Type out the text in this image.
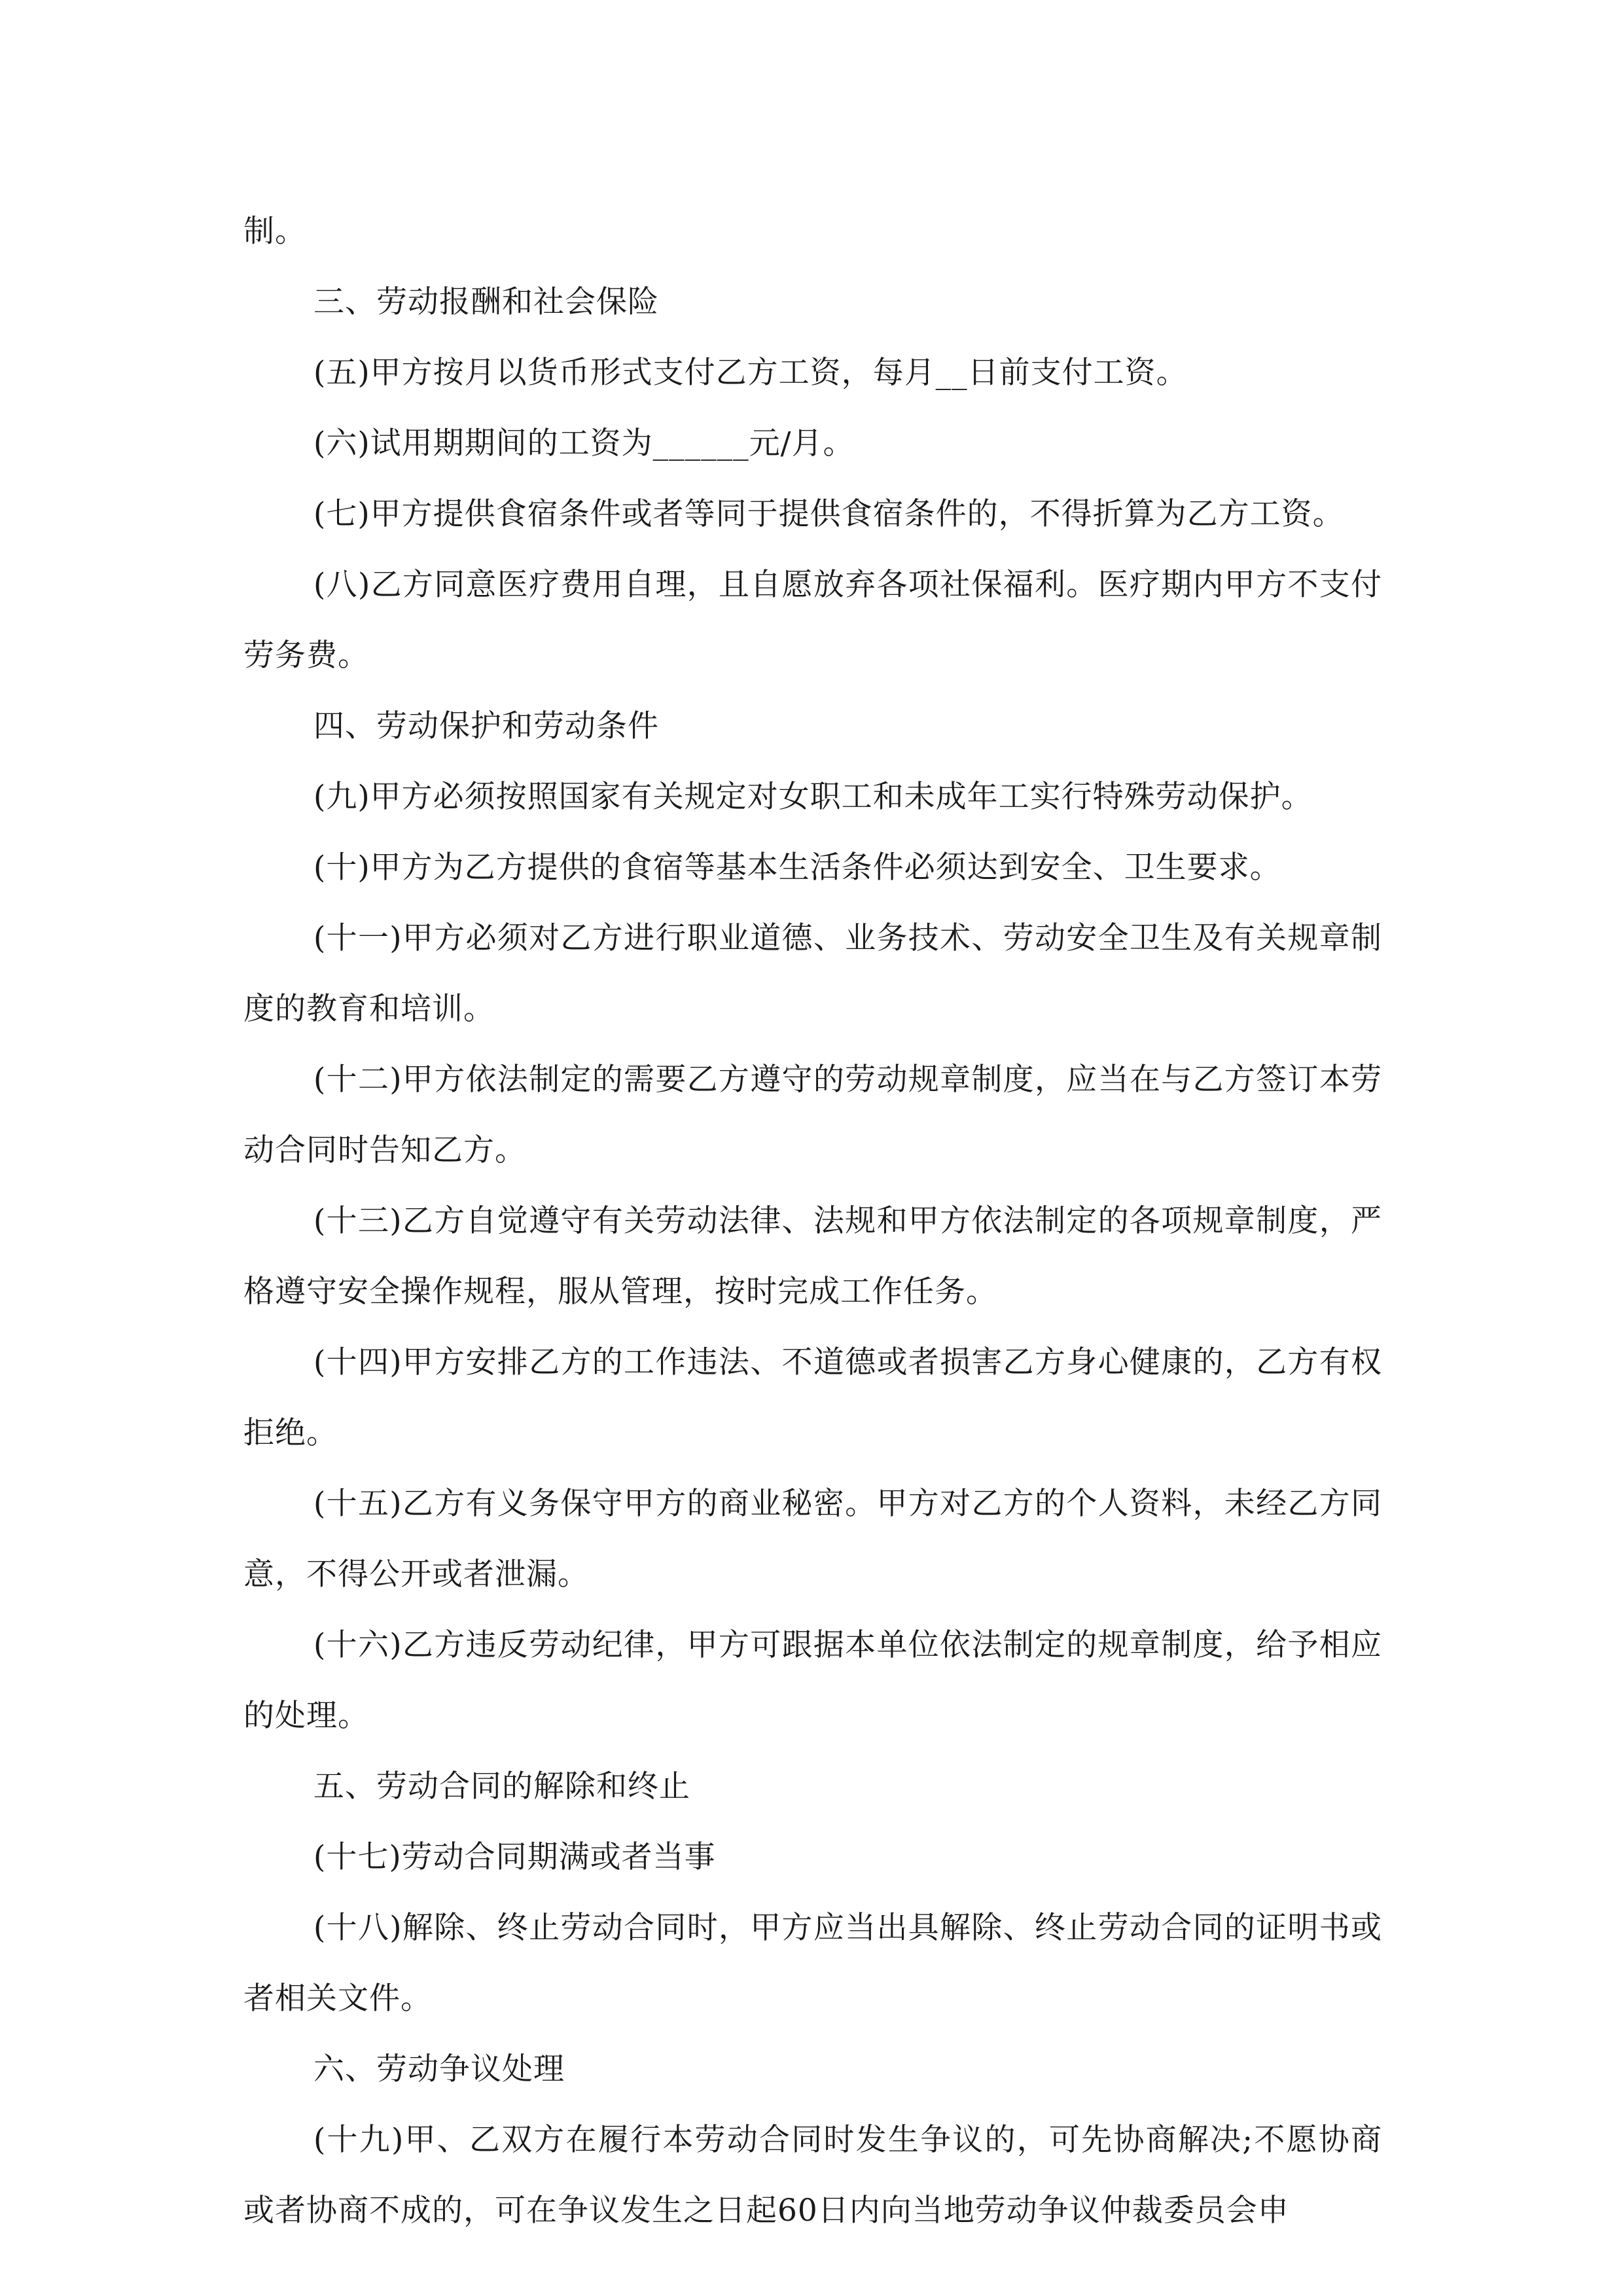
制。

三、劳动报酬和社会保险

(五)甲方按月以货币形式支付乙方工资，每月__日前支付工资。

(六)试用期期间的工资为______元/月。

(七)甲方提供食宿条件或者等同于提供食宿条件的，不得折算为乙方工资。

(八)乙方同意医疗费用自理，且自愿放弃各项社保福利。医疗期内甲方不支付劳务费。

四、劳动保护和劳动条件

(九)甲方必须按照国家有关规定对女职工和未成年工实行特殊劳动保护。

(十)甲方为乙方提供的食宿等基本生活条件必须达到安全、卫生要求。

(十一)甲方必须对乙方进行职业道德、业务技术、劳动安全卫生及有关规章制度的教育和培训。

(十二)甲方依法制定的需要乙方遵守的劳动规章制度，应当在与乙方签订本劳动合同时告知乙方。

(十三)乙方自觉遵守有关劳动法律、法规和甲方依法制定的各项规章制度，严格遵守安全操作规程，服从管理，按时完成工作任务。

(十四)甲方安排乙方的工作违法、不道德或者损害乙方身心健康的，乙方有权拒绝。

(十五)乙方有义务保守甲方的商业秘密。甲方对乙方的个人资料，未经乙方同意，不得公开或者泄漏。

(十六)乙方违反劳动纪律，甲方可跟据本单位依法制定的规章制度，给予相应的处理。

五、劳动合同的解除和终止

(十七)劳动合同期满或者当事

(十八)解除、终止劳动合同时，甲方应当出具解除、终止劳动合同的证明书或者相关文件。

六、劳动争议处理

(十九)甲、乙双方在履行本劳动合同时发生争议的，可先协商解决;不愿协商或者协商不成的，可在争议发生之日起60日内向当地劳动争议仲裁委员会申
